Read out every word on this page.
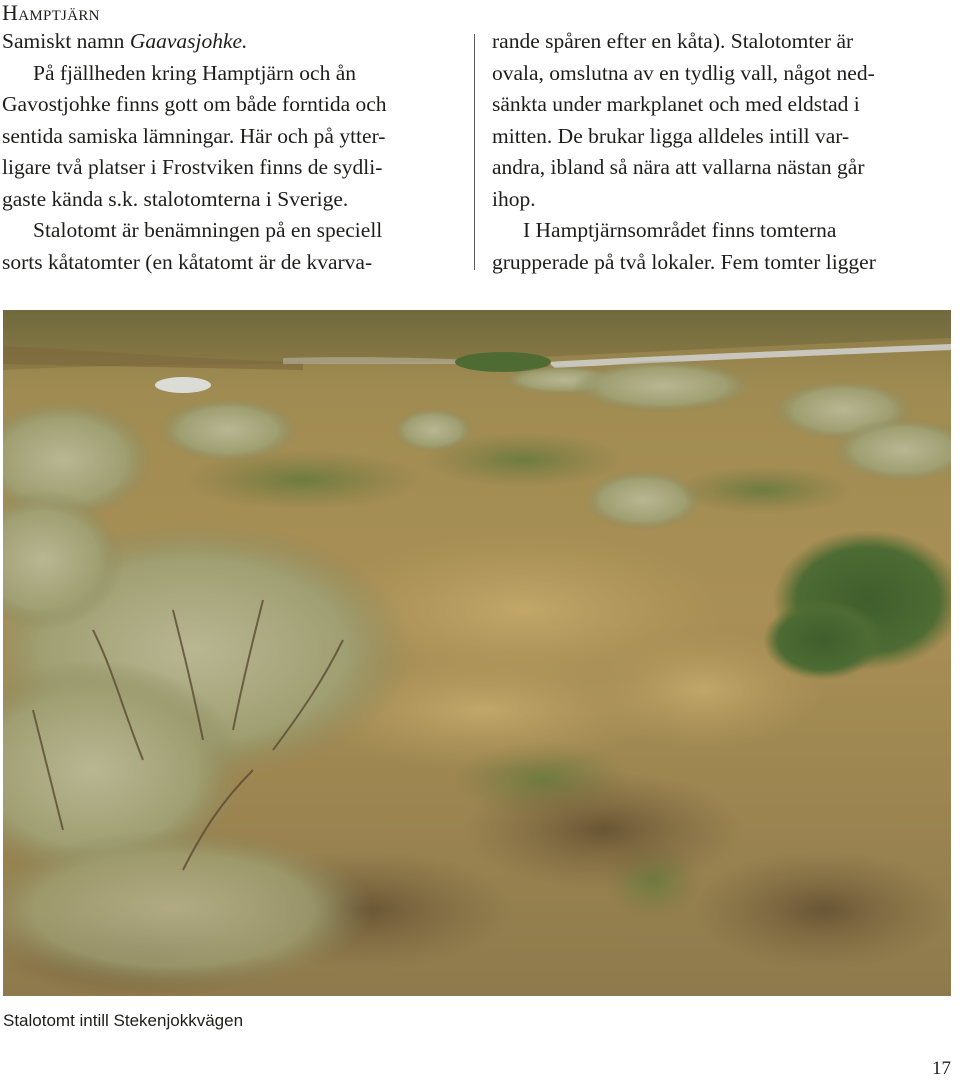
Hamptjärn

Samiskt namn Gaavasjohke.

På fjällheden kring Hamptjärn och ån

Gavostjohke finns gott om både forntida och

sentida samiska lämningar. Här och på ytter-

ligare två platser i Frostviken finns de sydli-

gaste kända s.k. stalotomterna i Sverige.

Stalotomt är benämningen på en speciell

sorts kåtatomter (en kåtatomt är de kvarva-

rande spåren efter en kåta). Stalotomter är

ovala, omslutna av en tydlig vall, något ned-

sänkta under markplanet och med eldstad i

mitten. De brukar ligga alldeles intill var-

andra, ibland så nära att vallarna nästan går

ihop.

I Hamptjärnsområdet finns tomterna

grupperade på två lokaler. Fem tomter ligger

Stalotomt intill Stekenjokkvägen
17
